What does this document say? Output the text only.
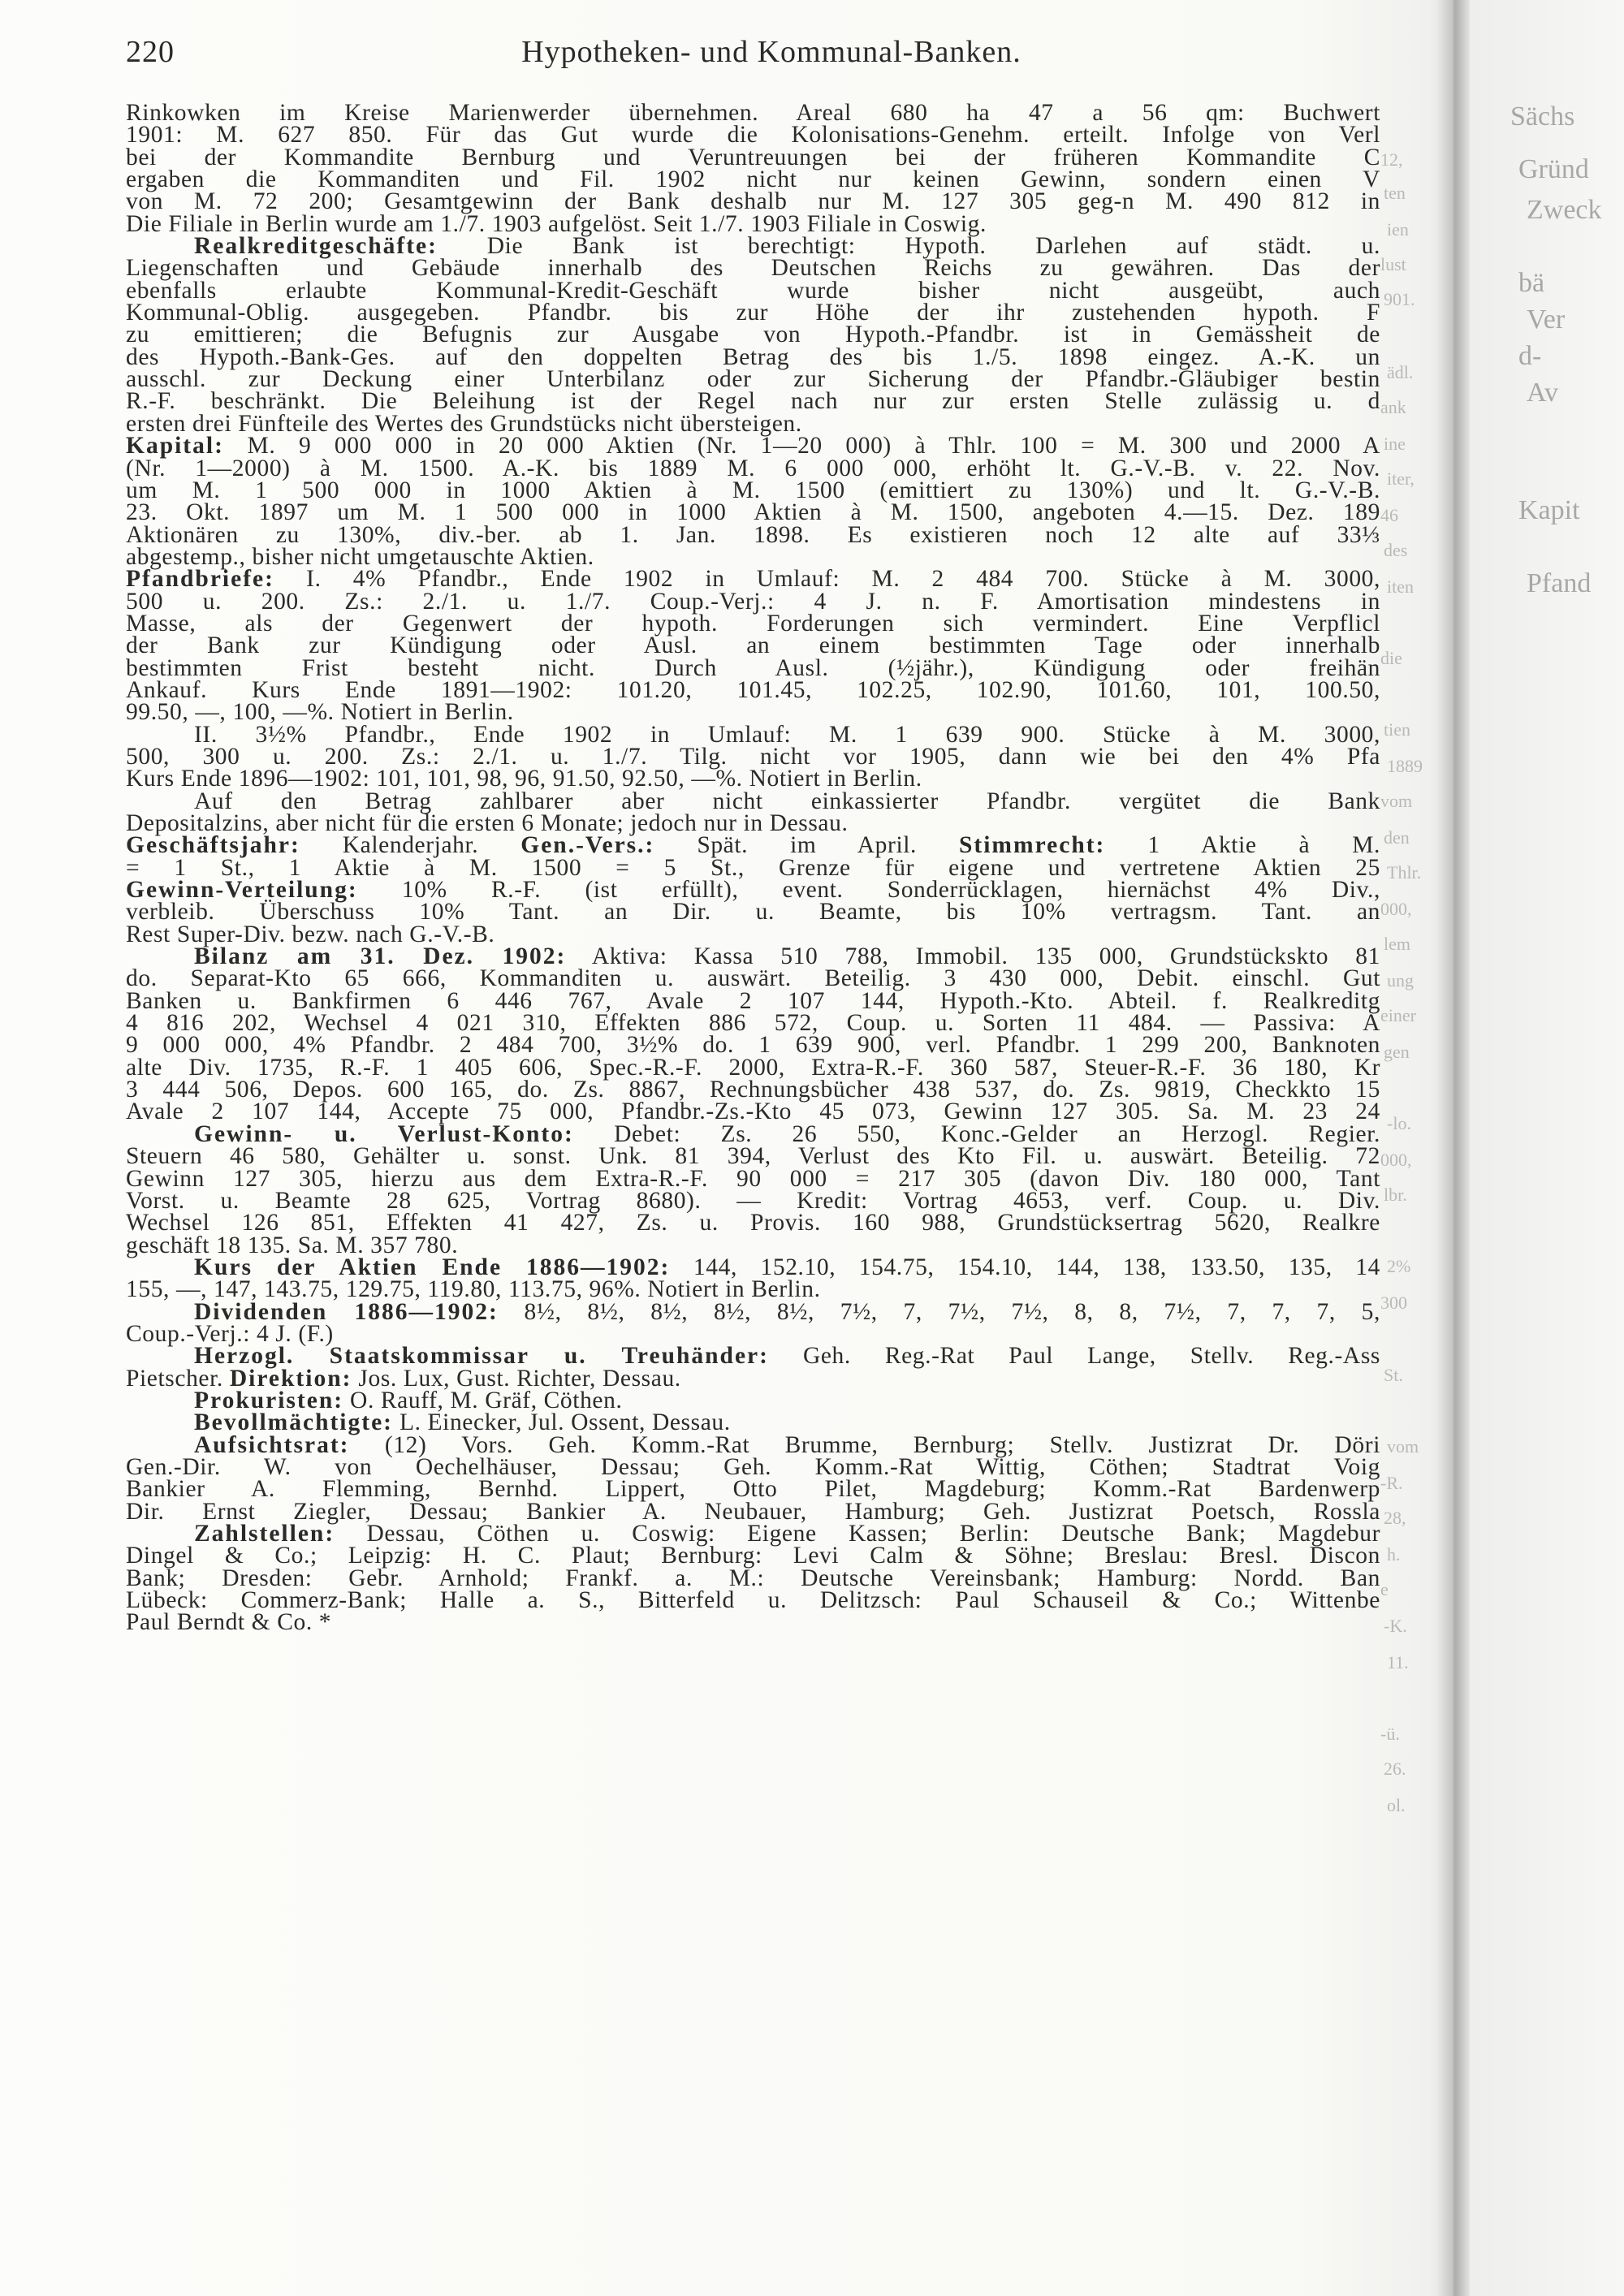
220	Hypotheken- und Kommunal-Banken.
Rinkowken im Kreise Marienwerder übernehmen. Areal 680 ha 47 a 56 qm: Buchwert
1901: M. 627 850. Für das Gut wurde die Kolonisations-Genehm. erteilt. Infolge von Verl
bei der Kommandite Bernburg und Veruntreuungen bei der früheren Kommandite C
ergaben die Kommanditen und Fil. 1902 nicht nur keinen Gewinn, sondern einen V
von M. 72 200; Gesamtgewinn der Bank deshalb nur M. 127 305 geg-n M. 490 812 in
Die Filiale in Berlin wurde am 1./7. 1903 aufgelöst. Seit 1./7. 1903 Filiale in Coswig.
Realkreditgeschäfte: Die Bank ist berechtigt: Hypoth. Darlehen auf städt. u.
Liegenschaften und Gebäude innerhalb des Deutschen Reichs zu gewähren. Das der
ebenfalls erlaubte Kommunal-Kredit-Geschäft wurde bisher nicht ausgeübt, auch
Kommunal-Oblig. ausgegeben. Pfandbr. bis zur Höhe der ihr zustehenden hypoth. F
zu emittieren; die Befugnis zur Ausgabe von Hypoth.-Pfandbr. ist in Gemässheit de
des Hypoth.-Bank-Ges. auf den doppelten Betrag des bis 1./5. 1898 eingez. A.-K. un
ausschl. zur Deckung einer Unterbilanz oder zur Sicherung der Pfandbr.-Gläubiger bestin
R.-F. beschränkt. Die Beleihung ist der Regel nach nur zur ersten Stelle zulässig u. d
ersten drei Fünfteile des Wertes des Grundstücks nicht übersteigen.
Kapital: M. 9 000 000 in 20 000 Aktien (Nr. 1—20 000) à Thlr. 100 = M. 300 und 2000 A
(Nr. 1—2000) à M. 1500. A.-K. bis 1889 M. 6 000 000, erhöht lt. G.-V.-B. v. 22. Nov.
um M. 1 500 000 in 1000 Aktien à M. 1500 (emittiert zu 130%) und lt. G.-V.-B.
23. Okt. 1897 um M. 1 500 000 in 1000 Aktien à M. 1500, angeboten 4.—15. Dez. 189
Aktionären zu 130%, div.-ber. ab 1. Jan. 1898. Es existieren noch 12 alte auf 33⅓
abgestemp., bisher nicht umgetauschte Aktien.
Pfandbriefe: I. 4% Pfandbr., Ende 1902 in Umlauf: M. 2 484 700. Stücke à M. 3000,
500 u. 200. Zs.: 2./1. u. 1./7. Coup.-Verj.: 4 J. n. F. Amortisation mindestens in
Masse, als der Gegenwert der hypoth. Forderungen sich vermindert. Eine Verpflicl
der Bank zur Kündigung oder Ausl. an einem bestimmten Tage oder innerhalb
bestimmten Frist besteht nicht. Durch Ausl. (½jähr.), Kündigung oder freihän
Ankauf. Kurs Ende 1891—1902: 101.20, 101.45, 102.25, 102.90, 101.60, 101, 100.50,
99.50, —, 100, —%. Notiert in Berlin.
II. 3½% Pfandbr., Ende 1902 in Umlauf: M. 1 639 900. Stücke à M. 3000,
500, 300 u. 200. Zs.: 2./1. u. 1./7. Tilg. nicht vor 1905, dann wie bei den 4% Pfa
Kurs Ende 1896—1902: 101, 101, 98, 96, 91.50, 92.50, —%. Notiert in Berlin.
Auf den Betrag zahlbarer aber nicht einkassierter Pfandbr. vergütet die Bank
Depositalzins, aber nicht für die ersten 6 Monate; jedoch nur in Dessau.
Geschäftsjahr: Kalenderjahr. Gen.-Vers.: Spät. im April. Stimmrecht: 1 Aktie à M.
= 1 St., 1 Aktie à M. 1500 = 5 St., Grenze für eigene und vertretene Aktien 25
Gewinn-Verteilung: 10% R.-F. (ist erfüllt), event. Sonderrücklagen, hiernächst 4% Div.,
verbleib. Überschuss 10% Tant. an Dir. u. Beamte, bis 10% vertragsm. Tant. an
Rest Super-Div. bezw. nach G.-V.-B.
Bilanz am 31. Dez. 1902: Aktiva: Kassa 510 788, Immobil. 135 000, Grundstückskto 81
do. Separat-Kto 65 666, Kommanditen u. auswärt. Beteilig. 3 430 000, Debit. einschl. Gut
Banken u. Bankfirmen 6 446 767, Avale 2 107 144, Hypoth.-Kto. Abteil. f. Realkreditg
4 816 202, Wechsel 4 021 310, Effekten 886 572, Coup. u. Sorten 11 484. — Passiva: A
9 000 000, 4% Pfandbr. 2 484 700, 3½% do. 1 639 900, verl. Pfandbr. 1 299 200, Banknoten
alte Div. 1735, R.-F. 1 405 606, Spec.-R.-F. 2000, Extra-R.-F. 360 587, Steuer-R.-F. 36 180, Kr
3 444 506, Depos. 600 165, do. Zs. 8867, Rechnungsbücher 438 537, do. Zs. 9819, Checkkto 15
Avale 2 107 144, Accepte 75 000, Pfandbr.-Zs.-Kto 45 073, Gewinn 127 305. Sa. M. 23 24
Gewinn- u. Verlust-Konto: Debet: Zs. 26 550, Konc.-Gelder an Herzogl. Regier.
Steuern 46 580, Gehälter u. sonst. Unk. 81 394, Verlust des Kto Fil. u. auswärt. Beteilig. 72
Gewinn 127 305, hierzu aus dem Extra-R.-F. 90 000 = 217 305 (davon Div. 180 000, Tant
Vorst. u. Beamte 28 625, Vortrag 8680). — Kredit: Vortrag 4653, verf. Coup. u. Div.
Wechsel 126 851, Effekten 41 427, Zs. u. Provis. 160 988, Grundstücksertrag 5620, Realkre
geschäft 18 135. Sa. M. 357 780.
Kurs der Aktien Ende 1886—1902: 144, 152.10, 154.75, 154.10, 144, 138, 133.50, 135, 14
155, —, 147, 143.75, 129.75, 119.80, 113.75, 96%. Notiert in Berlin.
Dividenden 1886—1902: 8½, 8½, 8½, 8½, 8½, 7½, 7, 7½, 7½, 8, 8, 7½, 7, 7, 7, 5,
Coup.-Verj.: 4 J. (F.)
Herzogl. Staatskommissar u. Treuhänder: Geh. Reg.-Rat Paul Lange, Stellv. Reg.-Ass
Pietscher. Direktion: Jos. Lux, Gust. Richter, Dessau.
Prokuristen: O. Rauff, M. Gräf, Cöthen.
Bevollmächtigte: L. Einecker, Jul. Ossent, Dessau.
Aufsichtsrat: (12) Vors. Geh. Komm.-Rat Brumme, Bernburg; Stellv. Justizrat Dr. Döri
Gen.-Dir. W. von Oechelhäuser, Dessau; Geh. Komm.-Rat Wittig, Cöthen; Stadtrat Voig
Bankier A. Flemming, Bernhd. Lippert, Otto Pilet, Magdeburg; Komm.-Rat Bardenwerp
Dir. Ernst Ziegler, Dessau; Bankier A. Neubauer, Hamburg; Geh. Justizrat Poetsch, Rossla
Zahlstellen: Dessau, Cöthen u. Coswig: Eigene Kassen; Berlin: Deutsche Bank; Magdebur
Dingel & Co.; Leipzig: H. C. Plaut; Bernburg: Levi Calm & Söhne; Breslau: Bresl. Discon
Bank; Dresden: Gebr. Arnhold; Frankf. a. M.: Deutsche Vereinsbank; Hamburg: Nordd. Ban
Lübeck: Commerz-Bank; Halle a. S., Bitterfeld u. Delitzsch: Paul Schauseil & Co.; Wittenbe
Paul Berndt & Co. *
12,
ten
ien
lust
901.
ädl.
ank
ine
iter,
46
des
iten
die
tien
1889
vom
den
Thlr.
000,
lem
ung
einer
gen
-lo.
000,
lbr.
2%
300
St.
vom
-R.
28,
h.
e
-K.
11.
-ü.
26.
ol.
Sächs
Gründ
Zweck
bä
Ver
d-
Av
Kapit
Pfand
